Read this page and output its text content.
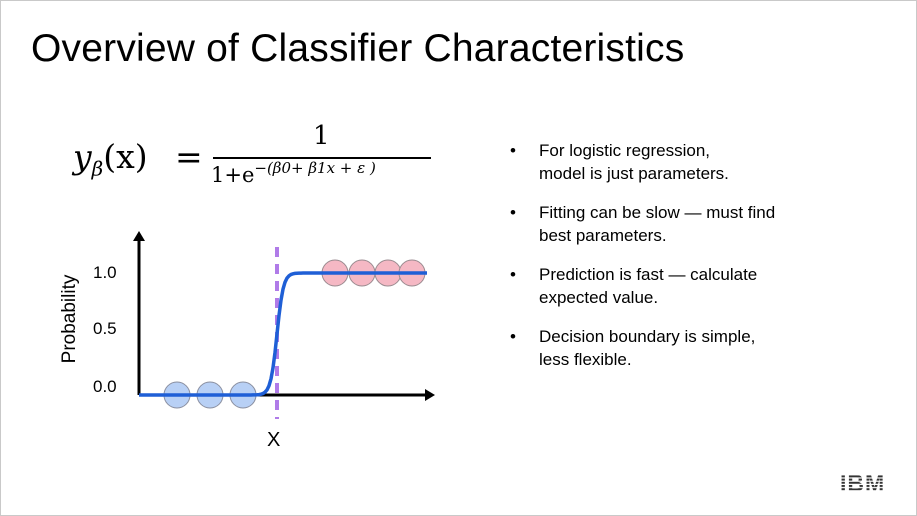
Overview of Classifier Characteristics
$y_\beta(x)$ =
1
$1+e^{-(\beta 0+ \beta 1x + \varepsilon )}$
Probability
1.0
0.5
0.0
X
• For logistic regression,
model is just parameters.
• Fitting can be slow — must find
best parameters.
• Prediction is fast — calculate
expected value.
• Decision boundary is simple,
less flexible.
IBM
